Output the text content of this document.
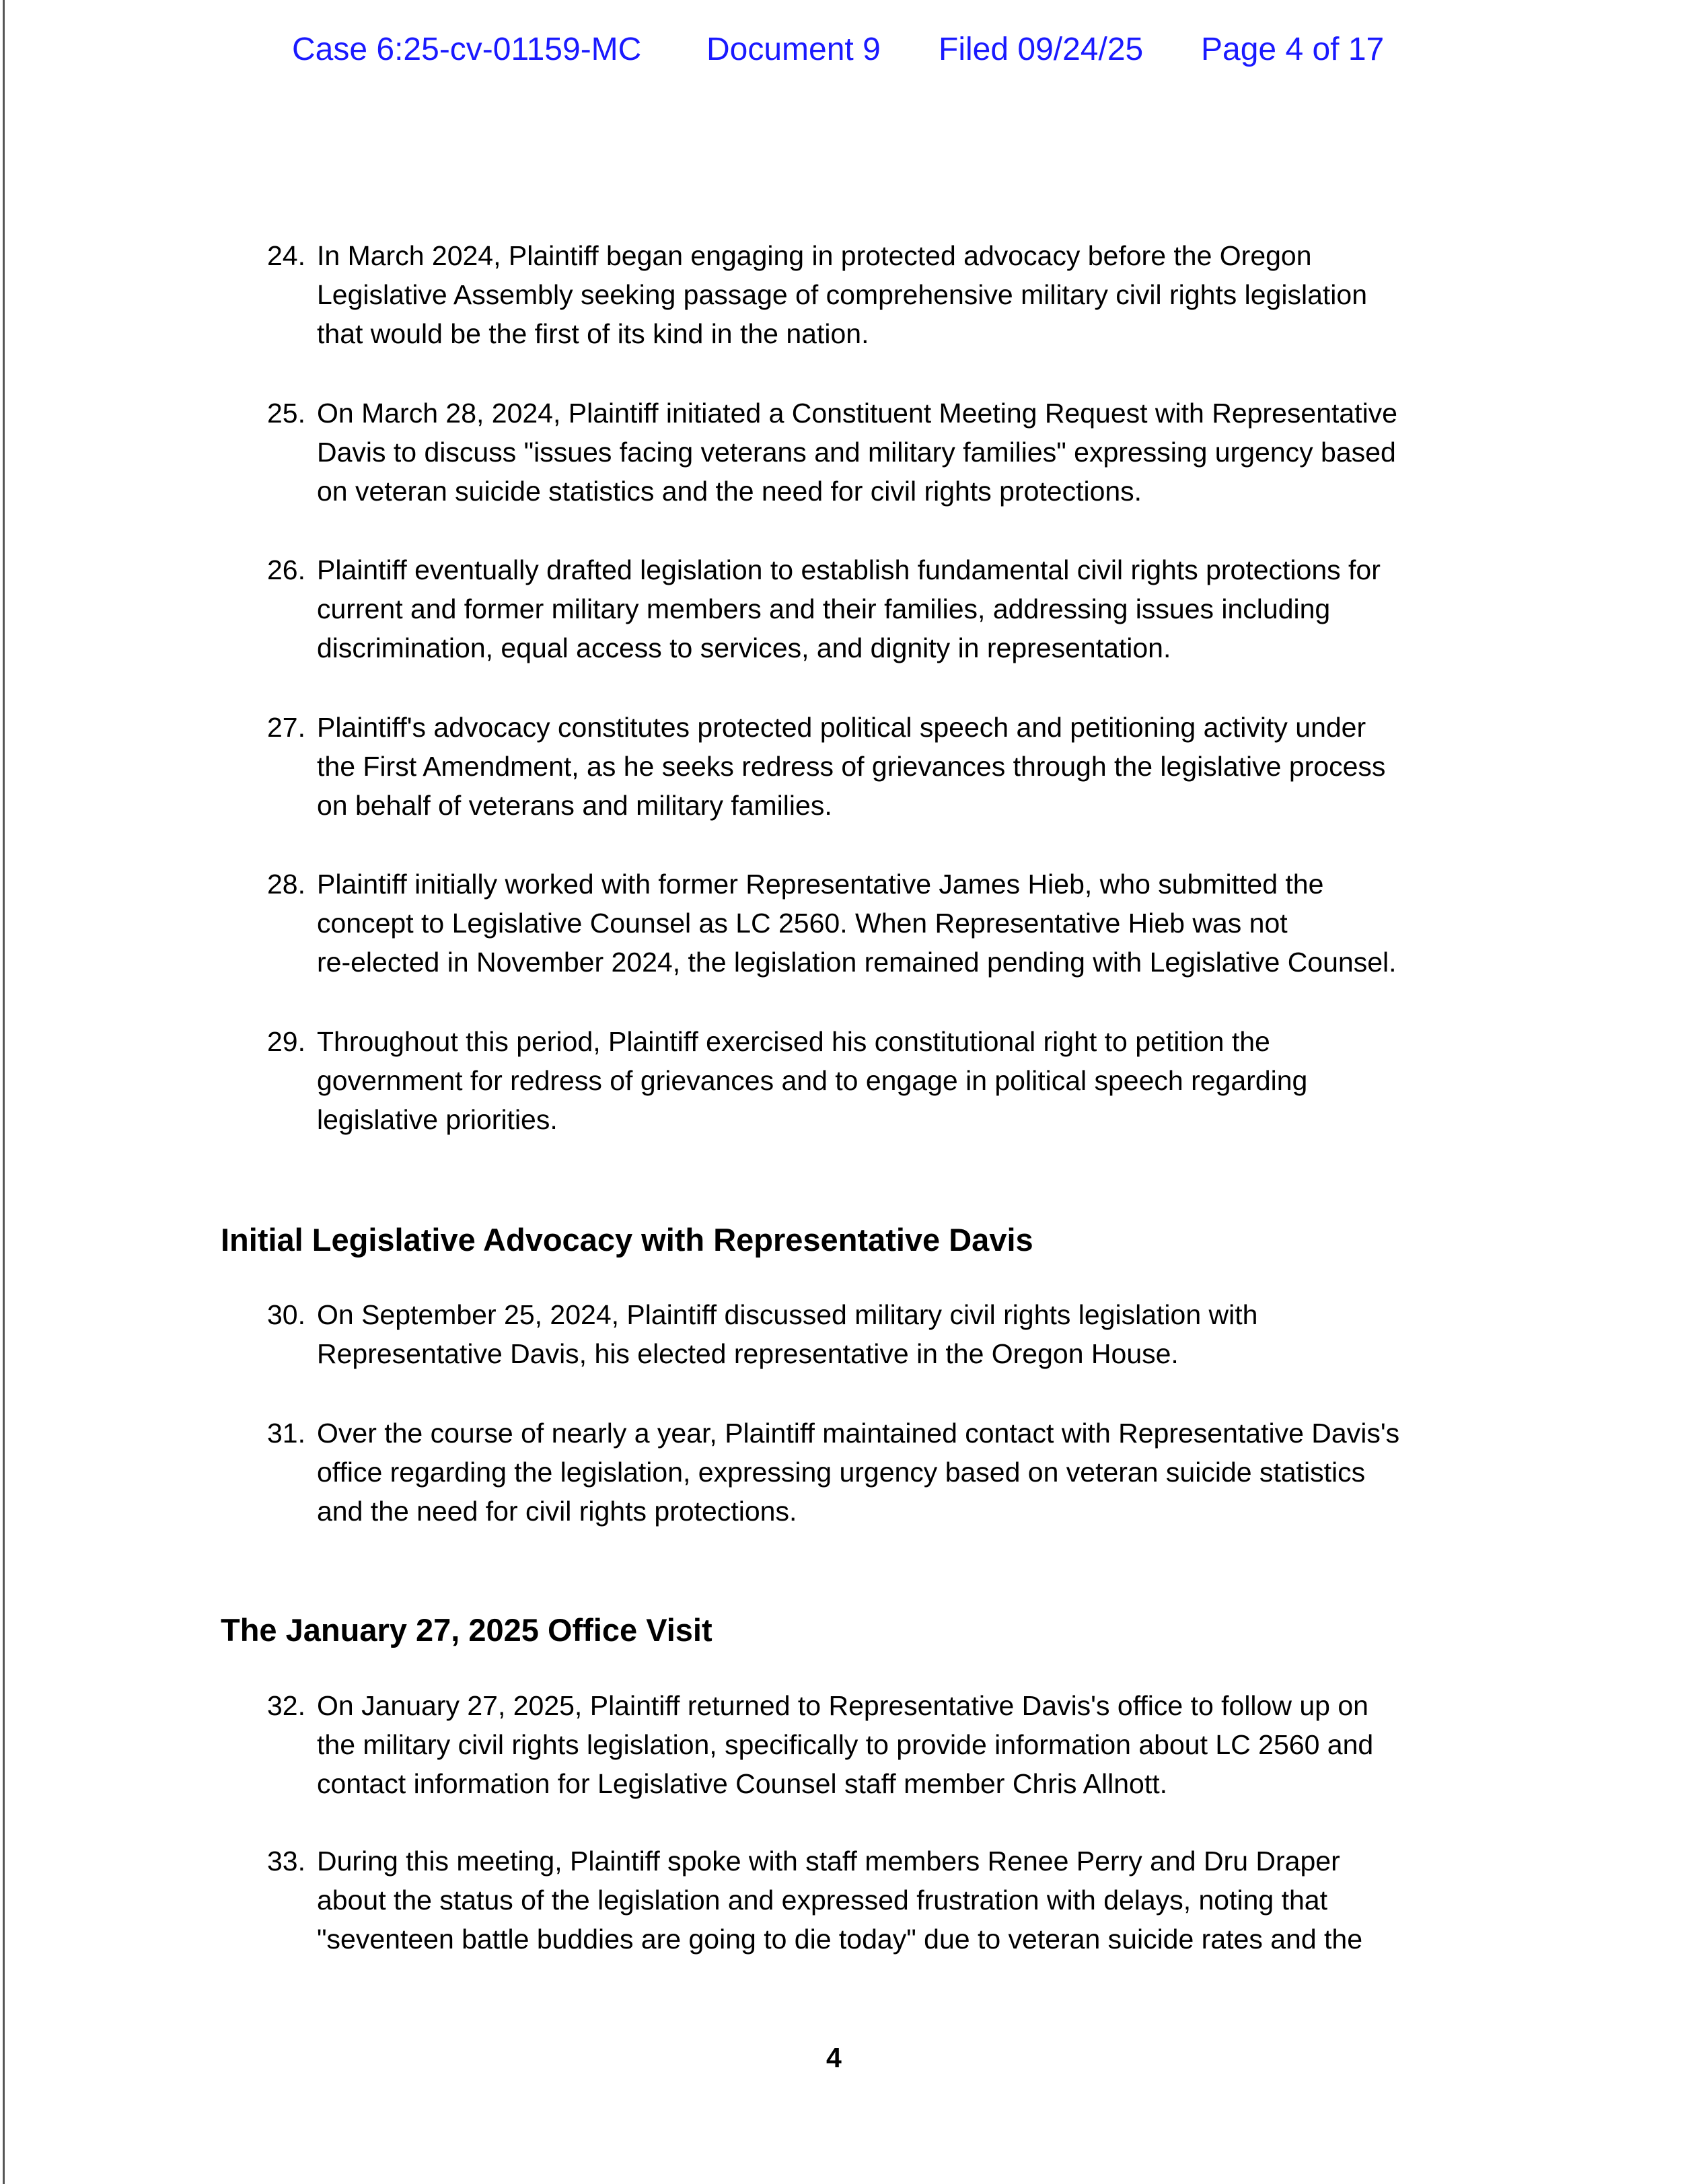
Case 6:25-cv-01159-MC Document 9 Filed 09/24/25 Page 4 of 17
24. In March 2024, Plaintiff began engaging in protected advocacy before the Oregon
Legislative Assembly seeking passage of comprehensive military civil rights legislation
that would be the first of its kind in the nation.
25. On March 28, 2024, Plaintiff initiated a Constituent Meeting Request with Representative
Davis to discuss "issues facing veterans and military families" expressing urgency based
on veteran suicide statistics and the need for civil rights protections.
26. Plaintiff eventually drafted legislation to establish fundamental civil rights protections for
current and former military members and their families, addressing issues including
discrimination, equal access to services, and dignity in representation.
27. Plaintiff's advocacy constitutes protected political speech and petitioning activity under
the First Amendment, as he seeks redress of grievances through the legislative process
on behalf of veterans and military families.
28. Plaintiff initially worked with former Representative James Hieb, who submitted the
concept to Legislative Counsel as LC 2560. When Representative Hieb was not
re-elected in November 2024, the legislation remained pending with Legislative Counsel.
29. Throughout this period, Plaintiff exercised his constitutional right to petition the
government for redress of grievances and to engage in political speech regarding
legislative priorities.
30. On September 25, 2024, Plaintiff discussed military civil rights legislation with
Representative Davis, his elected representative in the Oregon House.
31. Over the course of nearly a year, Plaintiff maintained contact with Representative Davis's
office regarding the legislation, expressing urgency based on veteran suicide statistics
and the need for civil rights protections.
32. On January 27, 2025, Plaintiff returned to Representative Davis's office to follow up on
the military civil rights legislation, specifically to provide information about LC 2560 and
contact information for Legislative Counsel staff member Chris Allnott.
33. During this meeting, Plaintiff spoke with staff members Renee Perry and Dru Draper
about the status of the legislation and expressed frustration with delays, noting that
"seventeen battle buddies are going to die today" due to veteran suicide rates and the
Initial Legislative Advocacy with Representative Davis
The January 27, 2025 Office Visit
4
